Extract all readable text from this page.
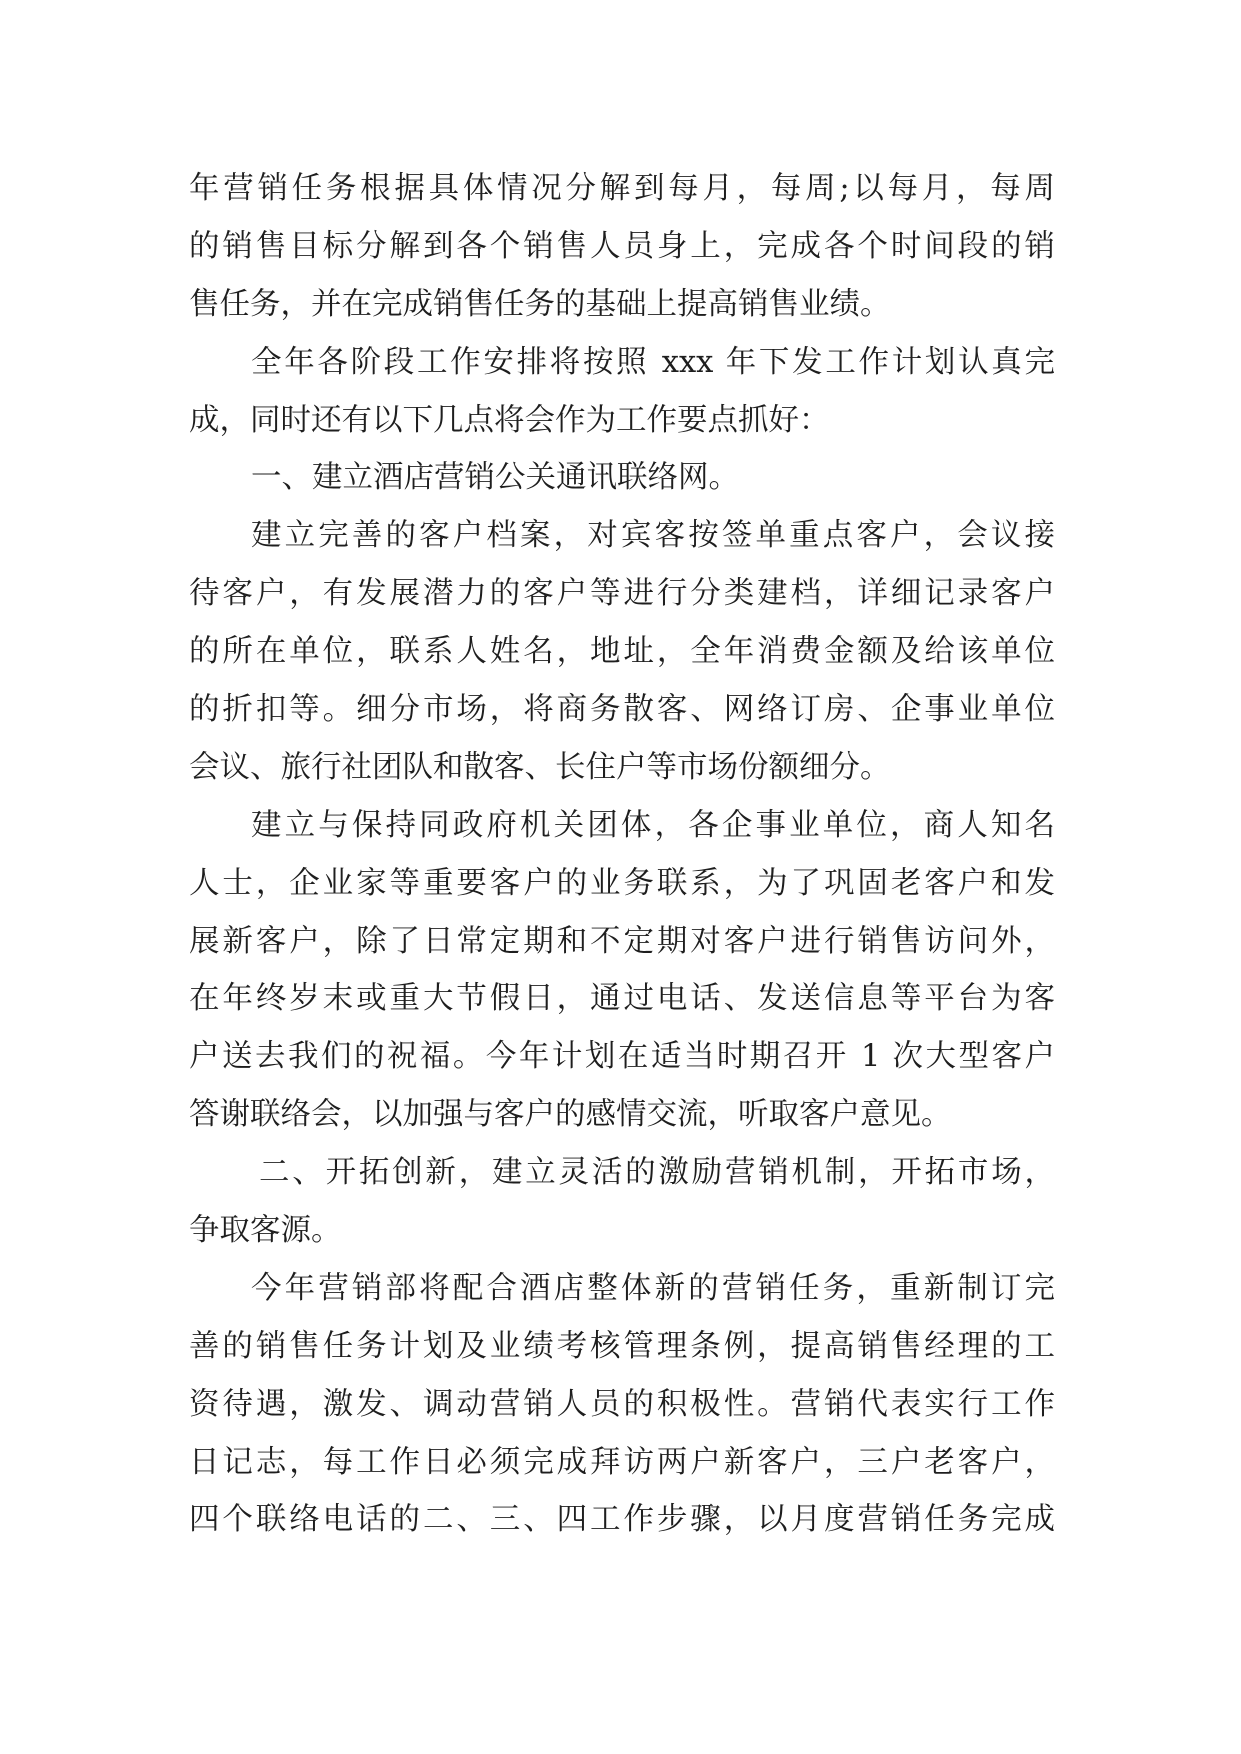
年营销任务根据具体情况分解到每月，每周;以每月，每周
的销售目标分解到各个销售人员身上，完成各个时间段的销
售任务，并在完成销售任务的基础上提高销售业绩。
全年各阶段工作安排将按照 xxx 年下发工作计划认真完
成，同时还有以下几点将会作为工作要点抓好：
一、建立酒店营销公关通讯联络网。
建立完善的客户档案，对宾客按签单重点客户，会议接
待客户，有发展潜力的客户等进行分类建档，详细记录客户
的所在单位，联系人姓名，地址，全年消费金额及给该单位
的折扣等。细分市场，将商务散客、网络订房、企事业单位
会议、旅行社团队和散客、长住户等市场份额细分。
建立与保持同政府机关团体，各企事业单位，商人知名
人士，企业家等重要客户的业务联系，为了巩固老客户和发
展新客户，除了日常定期和不定期对客户进行销售访问外，
在年终岁末或重大节假日，通过电话、发送信息等平台为客
户送去我们的祝福。今年计划在适当时期召开 1 次大型客户
答谢联络会，以加强与客户的感情交流，听取客户意见。
二、开拓创新，建立灵活的激励营销机制，开拓市场，
争取客源。
今年营销部将配合酒店整体新的营销任务，重新制订完
善的销售任务计划及业绩考核管理条例，提高销售经理的工
资待遇，激发、调动营销人员的积极性。营销代表实行工作
日记志，每工作日必须完成拜访两户新客户，三户老客户，
四个联络电话的二、三、四工作步骤，以月度营销任务完成
